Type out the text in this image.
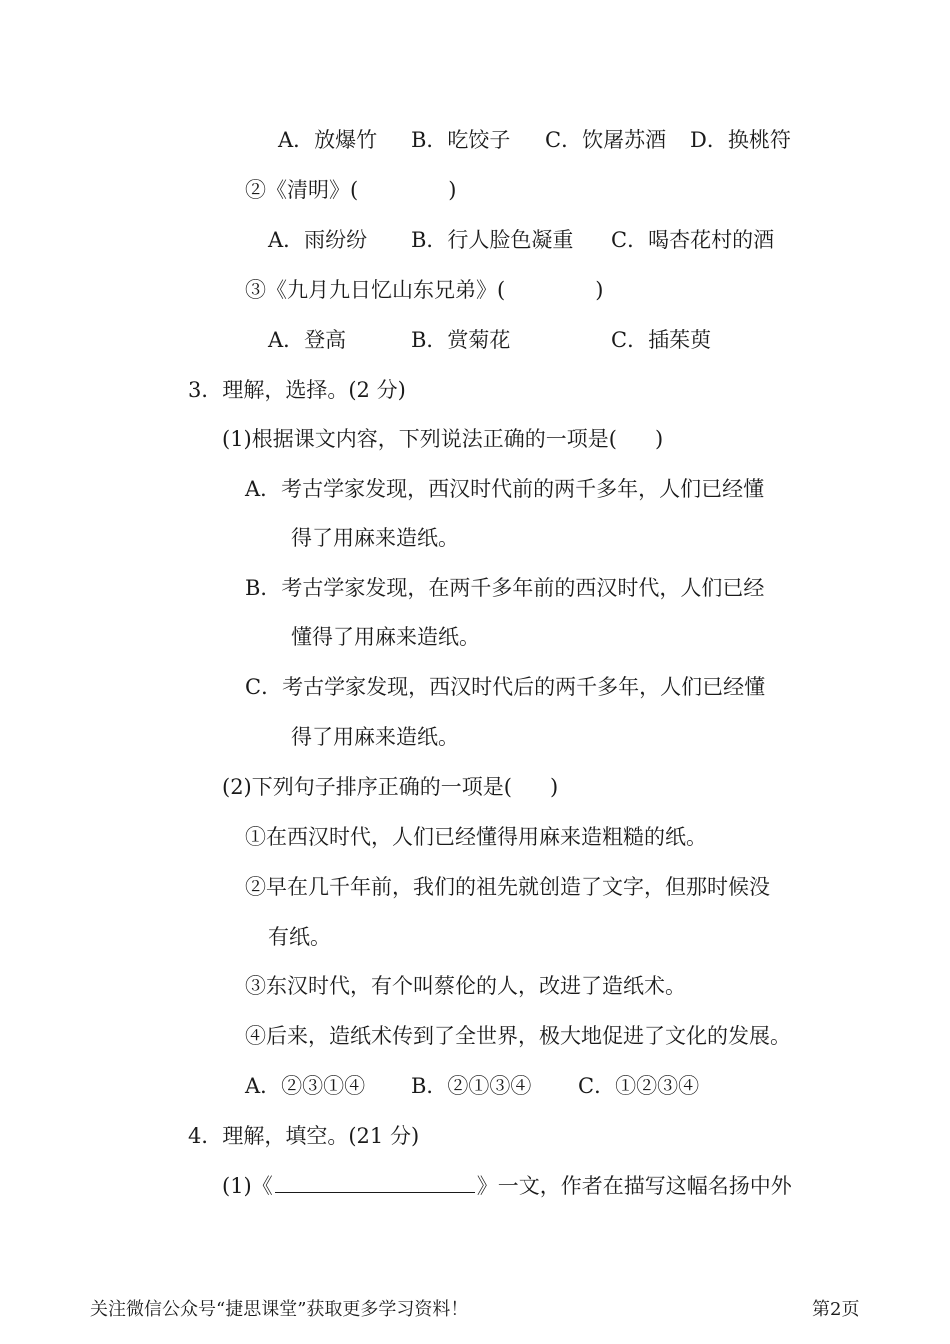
A．放爆竹 B．吃饺子 C．饮屠苏酒 D．换桃符
②《清明》(	)
A．雨纷纷 B．行人脸色凝重 C．喝杏花村的酒
③《九月九日忆山东兄弟》(	)
A．登高	B．赏菊花	C．插茱萸
3．理解，选择。(2 分)
(1)根据课文内容，下列说法正确的一项是( )
A．考古学家发现，西汉时代前的两千多年，人们已经懂
得了用麻来造纸。
B．考古学家发现，在两千多年前的西汉时代，人们已经
懂得了用麻来造纸。
C．考古学家发现，西汉时代后的两千多年，人们已经懂
得了用麻来造纸。
(2)下列句子排序正确的一项是( )
①在西汉时代，人们已经懂得用麻来造粗糙的纸。
②早在几千年前，我们的祖先就创造了文字，但那时候没
有纸。
③东汉时代，有个叫蔡伦的人，改进了造纸术。
④后来，造纸术传到了全世界，极大地促进了文化的发展。
A．②③①④ B．②①③④ C．①②③④
4．理解，填空。(21 分)
(1)《	》一文，作者在描写这幅名扬中外
关注微信公众号“捷思课堂”获取更多学习资料！	第2页
